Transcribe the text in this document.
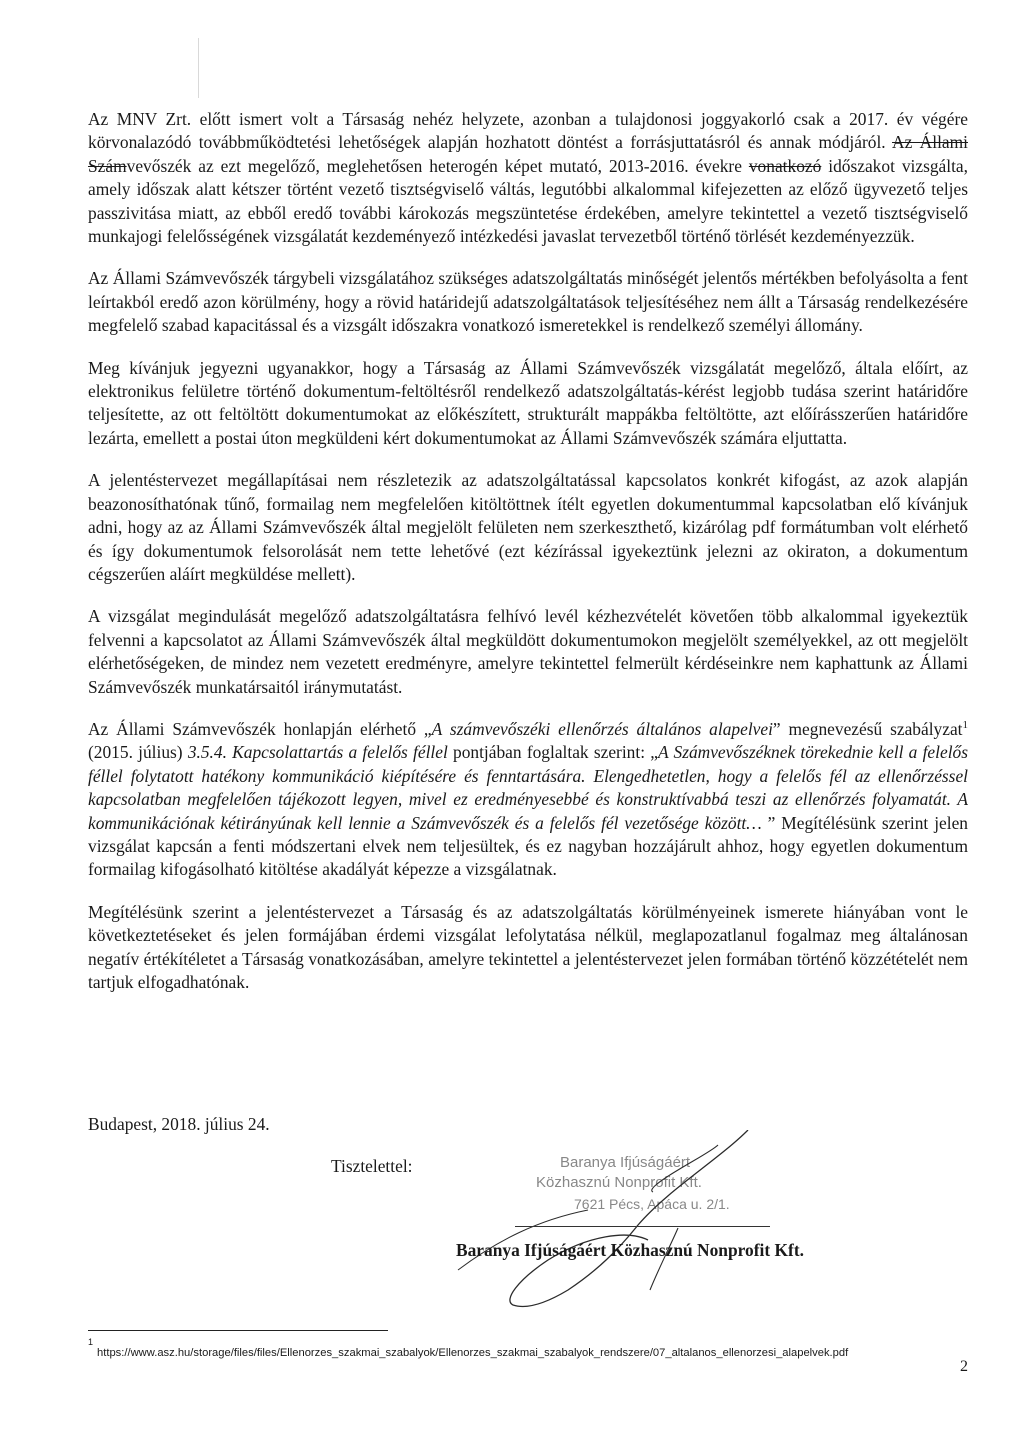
Az MNV Zrt. előtt ismert volt a Társaság nehéz helyzete, azonban a tulajdonosi joggyakorló csak a 2017. év végére körvonalazódó továbbműködtetési lehetőségek alapján hozhatott döntést a forrásjuttatásról és annak módjáról. Az Állami Számvevőszék az ezt megelőző, meglehetősen heterogén képet mutató, 2013-2016. évekre vonatkozó időszakot vizsgálta, amely időszak alatt kétszer történt vezető tisztségviselő váltás, legutóbbi alkalommal kifejezetten az előző ügyvezető teljes passzivitása miatt, az ebből eredő további károkozás megszüntetése érdekében, amelyre tekintettel a vezető tisztségviselő munkajogi felelősségének vizsgálatát kezdeményező intézkedési javaslat tervezetből történő törlését kezdeményezzük.

Az Állami Számvevőszék tárgybeli vizsgálatához szükséges adatszolgáltatás minőségét jelentős mértékben befolyásolta a fent leírtakból eredő azon körülmény, hogy a rövid határidejű adatszolgáltatások teljesítéséhez nem állt a Társaság rendelkezésére megfelelő szabad kapacitással és a vizsgált időszakra vonatkozó ismeretekkel is rendelkező személyi állomány.

Meg kívánjuk jegyezni ugyanakkor, hogy a Társaság az Állami Számvevőszék vizsgálatát megelőző, általa előírt, az elektronikus felületre történő dokumentum-feltöltésről rendelkező adatszolgáltatás-kérést legjobb tudása szerint határidőre teljesítette, az ott feltöltött dokumentumokat az előkészített, strukturált mappákba feltöltötte, azt előírásszerűen határidőre lezárta, emellett a postai úton megküldeni kért dokumentumokat az Állami Számvevőszék számára eljuttatta.

A jelentéstervezet megállapításai nem részletezik az adatszolgáltatással kapcsolatos konkrét kifogást, az azok alapján beazonosíthatónak tűnő, formailag nem megfelelően kitöltöttnek ítélt egyetlen dokumentummal kapcsolatban elő kívánjuk adni, hogy az az Állami Számvevőszék által megjelölt felületen nem szerkeszthető, kizárólag pdf formátumban volt elérhető és így dokumentumok felsorolását nem tette lehetővé (ezt kézírással igyekeztünk jelezni az okiraton, a dokumentum cégszerűen aláírt megküldése mellett).

A vizsgálat megindulását megelőző adatszolgáltatásra felhívó levél kézhezvételét követően több alkalommal igyekeztük felvenni a kapcsolatot az Állami Számvevőszék által megküldött dokumentumokon megjelölt személyekkel, az ott megjelölt elérhetőségeken, de mindez nem vezetett eredményre, amelyre tekintettel felmerült kérdéseinkre nem kaphattunk az Állami Számvevőszék munkatársaitól iránymutatást.

Az Állami Számvevőszék honlapján elérhető „A számvevőszéki ellenőrzés általános alapelvei” megnevezésű szabályzat$^1$ (2015. július) 3.5.4. Kapcsolattartás a felelős féllel pontjában foglaltak szerint: „A Számvevőszéknek törekednie kell a felelős féllel folytatott hatékony kommunikáció kiépítésére és fenntartására. Elengedhetetlen, hogy a felelős fél az ellenőrzéssel kapcsolatban megfelelően tájékozott legyen, mivel ez eredményesebbé és konstruktívabbá teszi az ellenőrzés folyamatát. A kommunikációnak kétirányúnak kell lennie a Számvevőszék és a felelős fél vezetősége között… ” Megítélésünk szerint jelen vizsgálat kapcsán a fenti módszertani elvek nem teljesültek, és ez nagyban hozzájárult ahhoz, hogy egyetlen dokumentum formailag kifogásolható kitöltése akadályát képezze a vizsgálatnak.

Megítélésünk szerint a jelentéstervezet a Társaság és az adatszolgáltatás körülményeinek ismerete hiányában vont le következtetéseket és jelen formájában érdemi vizsgálat lefolytatása nélkül, meglapozatlanul fogalmaz meg általánosan negatív értékítéletet a Társaság vonatkozásában, amelyre tekintettel a jelentéstervezet jelen formában történő közzétételét nem tartjuk elfogadhatónak.

Budapest, 2018. július 24.
Tisztelettel:	Baranya Ifjúságáért
Közhasznú Nonprofit Kft.
7621 Pécs, Apáca u. 2/1.
Baranya Ifjúságáért Közhasznú Nonprofit Kft.
$^1$https://www.asz.hu/storage/files/files/Ellenorzes_szakmai_szabalyok/Ellenorzes_szakmai_szabalyok_rendszere/07_altalanos_ellenorzesi_alapelvek.pdf
2
